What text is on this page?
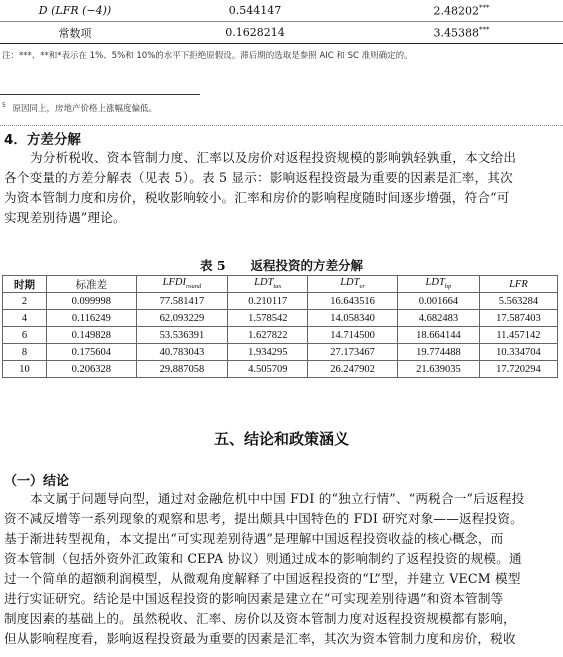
D (LFR (−4))	0.544147	2.48202***
常数项	0.1628214	3.45388***
注：***、**和*表示在 1%、5%和 10%的水平下拒绝原假设。滞后期的选取是参照 AIC 和 SC 准则确定的。
$^5$ 原因同上，房地产价格上涨幅度偏低。
4．方差分解
为分析税收、资本管制力度、汇率以及房价对返程投资规模的影响孰轻孰重，本文给出
各个变量的方差分解表（见表 5）。表 5 显示：影响返程投资最为重要的因素是汇率，其次
为资本管制力度和房价，税收影响较小。汇率和房价的影响程度随时间逐步增强，符合“可
实现差别待遇”理论。
表 5　　返程投资的方差分解
时期	标准差	$LFDI_{round}$	$LDT_{tax}$	$LDT_{er}$	$LDT_{hp}$	LFR
2	0.099998	77.581417	0.210117	16.643516	0.001664	5.563284
4	0.116249	62.093229	1.578542	14.058340	4.682483	17.587403
6	0.149828	53.536391	1.627822	14.714500	18.664144	11.457142
8	0.175604	40.783043	1.934295	27.173467	19.774488	10.334704
10	0.206328	29.887058	4.505709	26.247902	21.639035	17.720294
五、结论和政策涵义
（一）结论
本文属于问题导向型，通过对金融危机中中国 FDI 的“独立行情”、“两税合一”后返程投
资不减反增等一系列现象的观察和思考，提出颇具中国特色的 FDI 研究对象——返程投资。
基于渐进转型视角，本文提出“可实现差别待遇”是理解中国返程投资收益的核心概念，而
资本管制（包括外资外汇政策和 CEPA 协议）则通过成本的影响制约了返程投资的规模。通
过一个简单的超额利润模型，从微观角度解释了中国返程投资的“L”型，并建立 VECM 模型
进行实证研究。结论是中国返程投资的影响因素是建立在“可实现差别待遇”和资本管制等
制度因素的基础上的。虽然税收、汇率、房价以及资本管制力度对返程投资规模都有影响，
但从影响程度看，影响返程投资最为重要的因素是汇率，其次为资本管制力度和房价，税收
